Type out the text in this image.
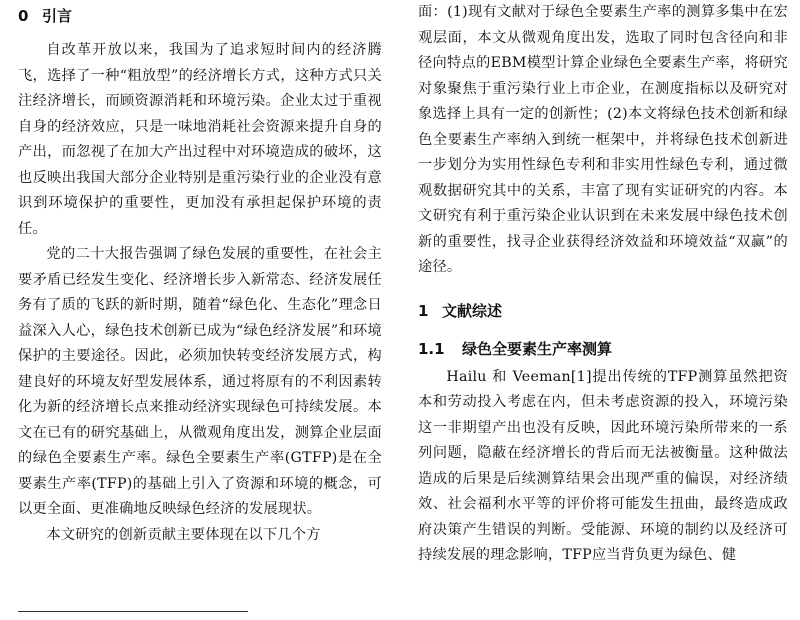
0 引言

自改革开放以来，我国为了追求短时间内的经济腾飞，选择了一种“粗放型”的经济增长方式，这种方式只关注经济增长，而顾资源消耗和环境污染。企业太过于重视自身的经济效应，只是一味地消耗社会资源来提升自身的产出，而忽视了在加大产出过程中对环境造成的破坏，这也反映出我国大部分企业特别是重污染行业的企业没有意识到环境保护的重要性，更加没有承担起保护环境的责任。

党的二十大报告强调了绿色发展的重要性，在社会主要矛盾已经发生变化、经济增长步入新常态、经济发展任务有了质的飞跃的新时期，随着“绿色化、生态化”理念日益深入人心，绿色技术创新已成为“绿色经济发展”和环境保护的主要途径。因此，必须加快转变经济发展方式，构建良好的环境友好型发展体系，通过将原有的不利因素转化为新的经济增长点来推动经济实现绿色可持续发展。本文在已有的研究基础上，从微观角度出发，测算企业层面的绿色全要素生产率。绿色全要素生产率(GTFP)是在全要素生产率(TFP)的基础上引入了资源和环境的概念，可以更全面、更准确地反映绿色经济的发展现状。

本文研究的创新贡献主要体现在以下几个方

面：(1)现有文献对于绿色全要素生产率的测算多集中在宏观层面，本文从微观角度出发，选取了同时包含径向和非径向特点的EBM模型计算企业绿色全要素生产率，将研究对象聚焦于重污染行业上市企业，在测度指标以及研究对象选择上具有一定的创新性；(2)本文将绿色技术创新和绿色全要素生产率纳入到统一框架中，并将绿色技术创新进一步划分为实用性绿色专利和非实用性绿色专利，通过微观数据研究其中的关系，丰富了现有实证研究的内容。本文研究有利于重污染企业认识到在未来发展中绿色技术创新的重要性，找寻企业获得经济效益和环境效益“双赢”的途径。

1 文献综述
1.1 绿色全要素生产率测算

Hailu 和 Veeman[1]提出传统的TFP测算虽然把资本和劳动投入考虑在内，但未考虑资源的投入，环境污染这一非期望产出也没有反映，因此环境污染所带来的一系列问题，隐蔽在经济增长的背后而无法被衡量。这种做法造成的后果是后续测算结果会出现严重的偏误，对经济绩效、社会福利水平等的评价将可能发生扭曲，最终造成政府决策产生错误的判断。受能源、环境的制约以及经济可持续发展的理念影响，TFP应当背负更为绿色、健
